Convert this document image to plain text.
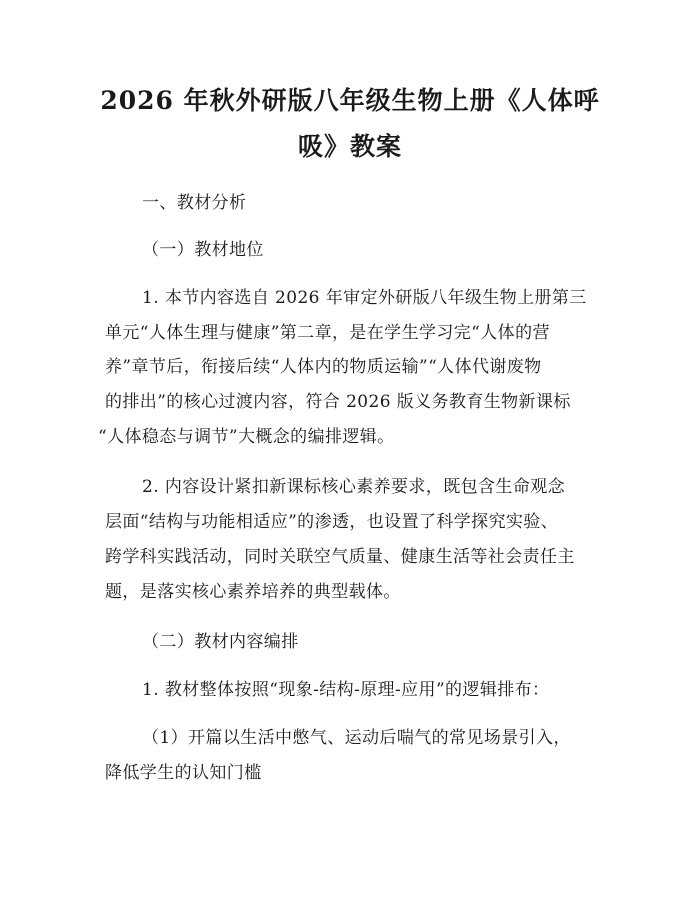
2026 年秋外研版八年级生物上册《人体呼
吸》教案
一、教材分析
（一）教材地位
1. 本节内容选自 2026 年审定外研版八年级生物上册第三
单元“人体生理与健康”第二章，是在学生学习完“人体的营
养”章节后，衔接后续“人体内的物质运输”“人体代谢废物
的排出”的核心过渡内容，符合 2026 版义务教育生物新课标
“人体稳态与调节”大概念的编排逻辑。
2. 内容设计紧扣新课标核心素养要求，既包含生命观念
层面“结构与功能相适应”的渗透，也设置了科学探究实验、
跨学科实践活动，同时关联空气质量、健康生活等社会责任主
题，是落实核心素养培养的典型载体。
（二）教材内容编排
1. 教材整体按照“现象-结构-原理-应用”的逻辑排布：
（1）开篇以生活中憋气、运动后喘气的常见场景引入，
降低学生的认知门槛
